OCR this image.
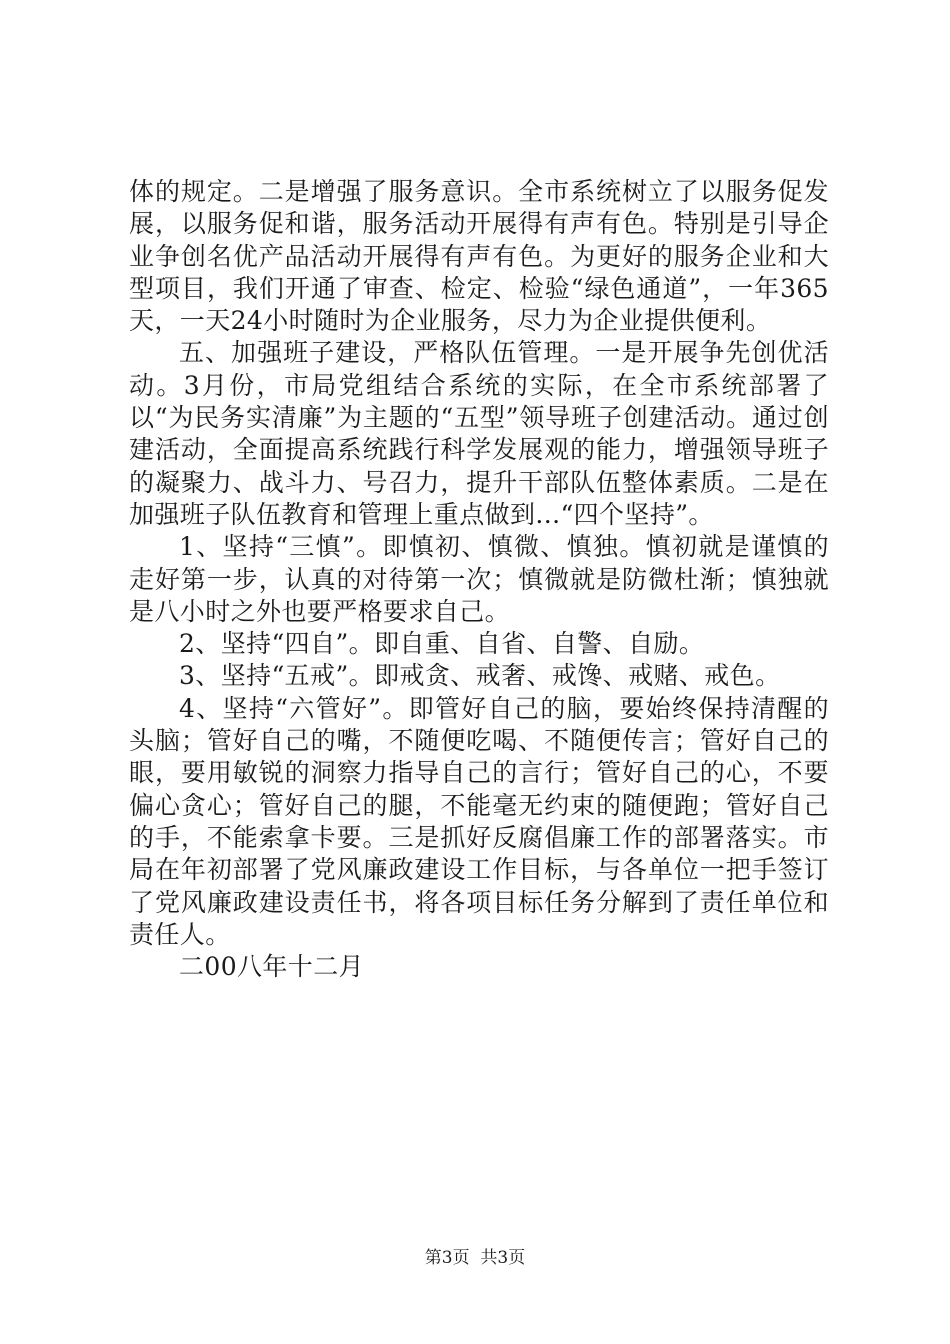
体的规定。二是增强了服务意识。全市系统树立了以服务促发展，以服务促和谐，服务活动开展得有声有色。特别是引导企业争创名优产品活动开展得有声有色。为更好的服务企业和大型项目，我们开通了审查、检定、检验“绿色通道”，一年365天，一天24小时随时为企业服务，尽力为企业提供便利。

五、加强班子建设，严格队伍管理。一是开展争先创优活动。3月份，市局党组结合系统的实际，在全市系统部署了以“为民务实清廉”为主题的“五型”领导班子创建活动。通过创建活动，全面提高系统践行科学发展观的能力，增强领导班子的凝聚力、战斗力、号召力，提升干部队伍整体素质。二是在加强班子队伍教育和管理上重点做到...“四个坚持”。

1、坚持“三慎”。即慎初、慎微、慎独。慎初就是谨慎的走好第一步，认真的对待第一次；慎微就是防微杜渐；慎独就是八小时之外也要严格要求自己。

2、坚持“四自”。即自重、自省、自警、自励。

3、坚持“五戒”。即戒贪、戒奢、戒馋、戒赌、戒色。

4、坚持“六管好”。即管好自己的脑，要始终保持清醒的头脑；管好自己的嘴，不随便吃喝、不随便传言；管好自己的眼，要用敏锐的洞察力指导自己的言行；管好自己的心，不要偏心贪心；管好自己的腿，不能毫无约束的随便跑；管好自己的手，不能索拿卡要。三是抓好反腐倡廉工作的部署落实。市局在年初部署了党风廉政建设工作目标，与各单位一把手签订了党风廉政建设责任书，将各项目标任务分解到了责任单位和责任人。

二00八年十二月

第3页 共3页
